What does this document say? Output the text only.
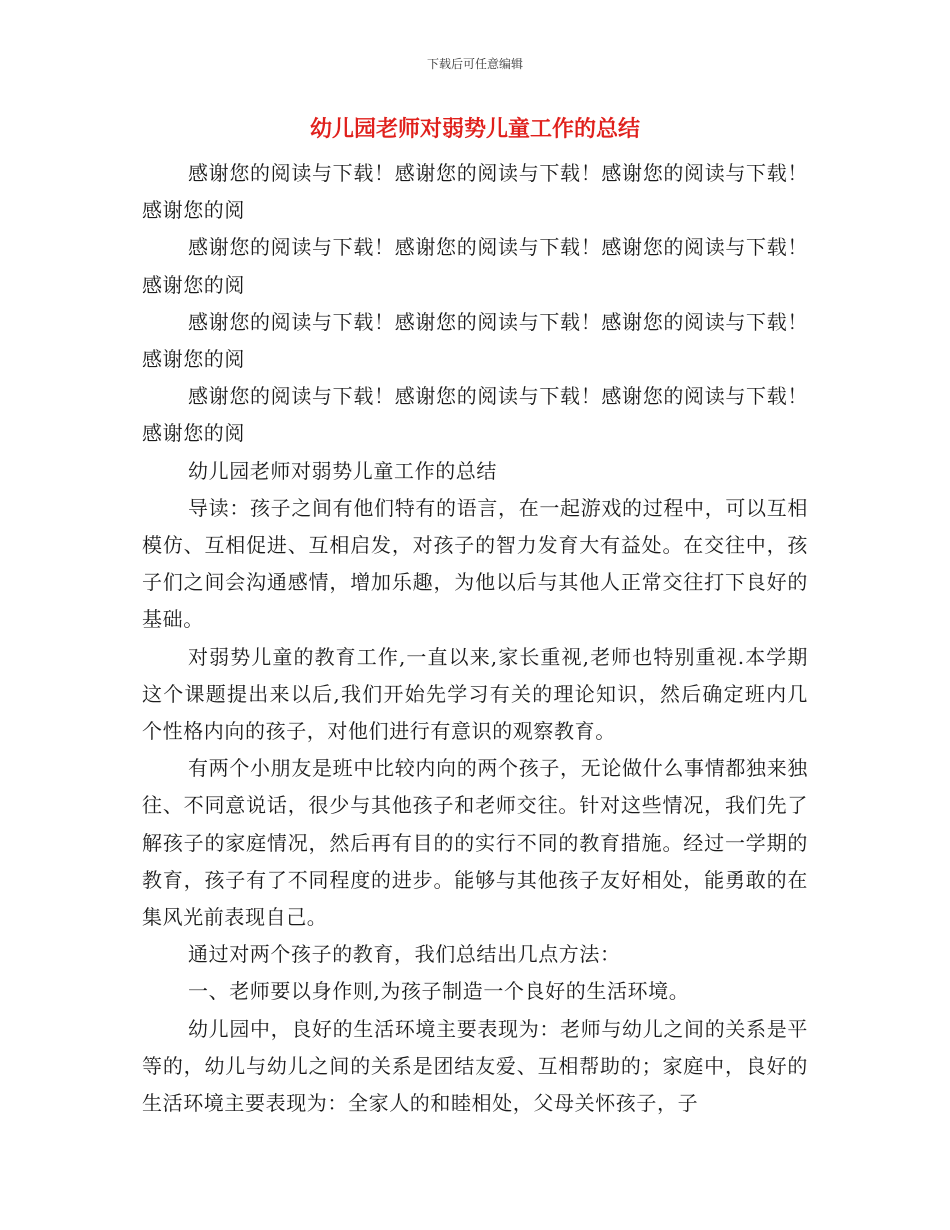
下载后可任意编辑
幼儿园老师对弱势儿童工作的总结

感谢您的阅读与下载！感谢您的阅读与下载！感谢您的阅读与下载！感谢您的阅

感谢您的阅读与下载！感谢您的阅读与下载！感谢您的阅读与下载！感谢您的阅

感谢您的阅读与下载！感谢您的阅读与下载！感谢您的阅读与下载！感谢您的阅

感谢您的阅读与下载！感谢您的阅读与下载！感谢您的阅读与下载！感谢您的阅

幼儿园老师对弱势儿童工作的总结

导读：孩子之间有他们特有的语言，在一起游戏的过程中，可以互相模仿、互相促进、互相启发，对孩子的智力发育大有益处。在交往中，孩子们之间会沟通感情，增加乐趣，为他以后与其他人正常交往打下良好的基础。

对弱势儿童的教育工作,一直以来,家长重视,老师也特别重视.本学期这个课题提出来以后,我们开始先学习有关的理论知识，然后确定班内几个性格内向的孩子，对他们进行有意识的观察教育。

有两个小朋友是班中比较内向的两个孩子，无论做什么事情都独来独往、不同意说话，很少与其他孩子和老师交往。针对这些情况，我们先了解孩子的家庭情况，然后再有目的的实行不同的教育措施。经过一学期的教育，孩子有了不同程度的进步。能够与其他孩子友好相处，能勇敢的在集风光前表现自己。

通过对两个孩子的教育，我们总结出几点方法：

一、老师要以身作则,为孩子制造一个良好的生活环境。

幼儿园中，良好的生活环境主要表现为：老师与幼儿之间的关系是平等的，幼儿与幼儿之间的关系是团结友爱、互相帮助的；家庭中，良好的生活环境主要表现为：全家人的和睦相处，父母关怀孩子，子
